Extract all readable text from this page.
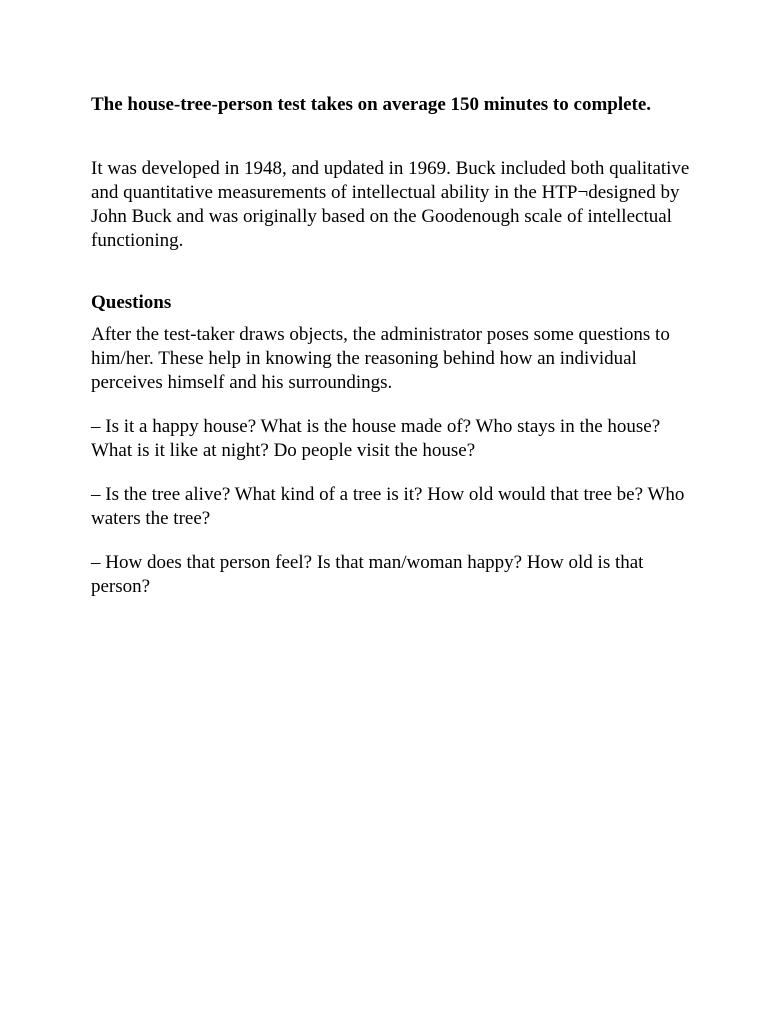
The house-tree-person test takes on average 150 minutes to complete.

It was developed in 1948, and updated in 1969. Buck included both qualitative and quantitative measurements of intellectual ability in the HTP¬designed by John Buck and was originally based on the Goodenough scale of intellectual functioning.

Questions

After the test-taker draws objects, the administrator poses some questions to him/her. These help in knowing the reasoning behind how an individual perceives himself and his surroundings.

– Is it a happy house? What is the house made of? Who stays in the house? What is it like at night? Do people visit the house?

– Is the tree alive? What kind of a tree is it? How old would that tree be? Who waters the tree?

– How does that person feel? Is that man/woman happy? How old is that person?
